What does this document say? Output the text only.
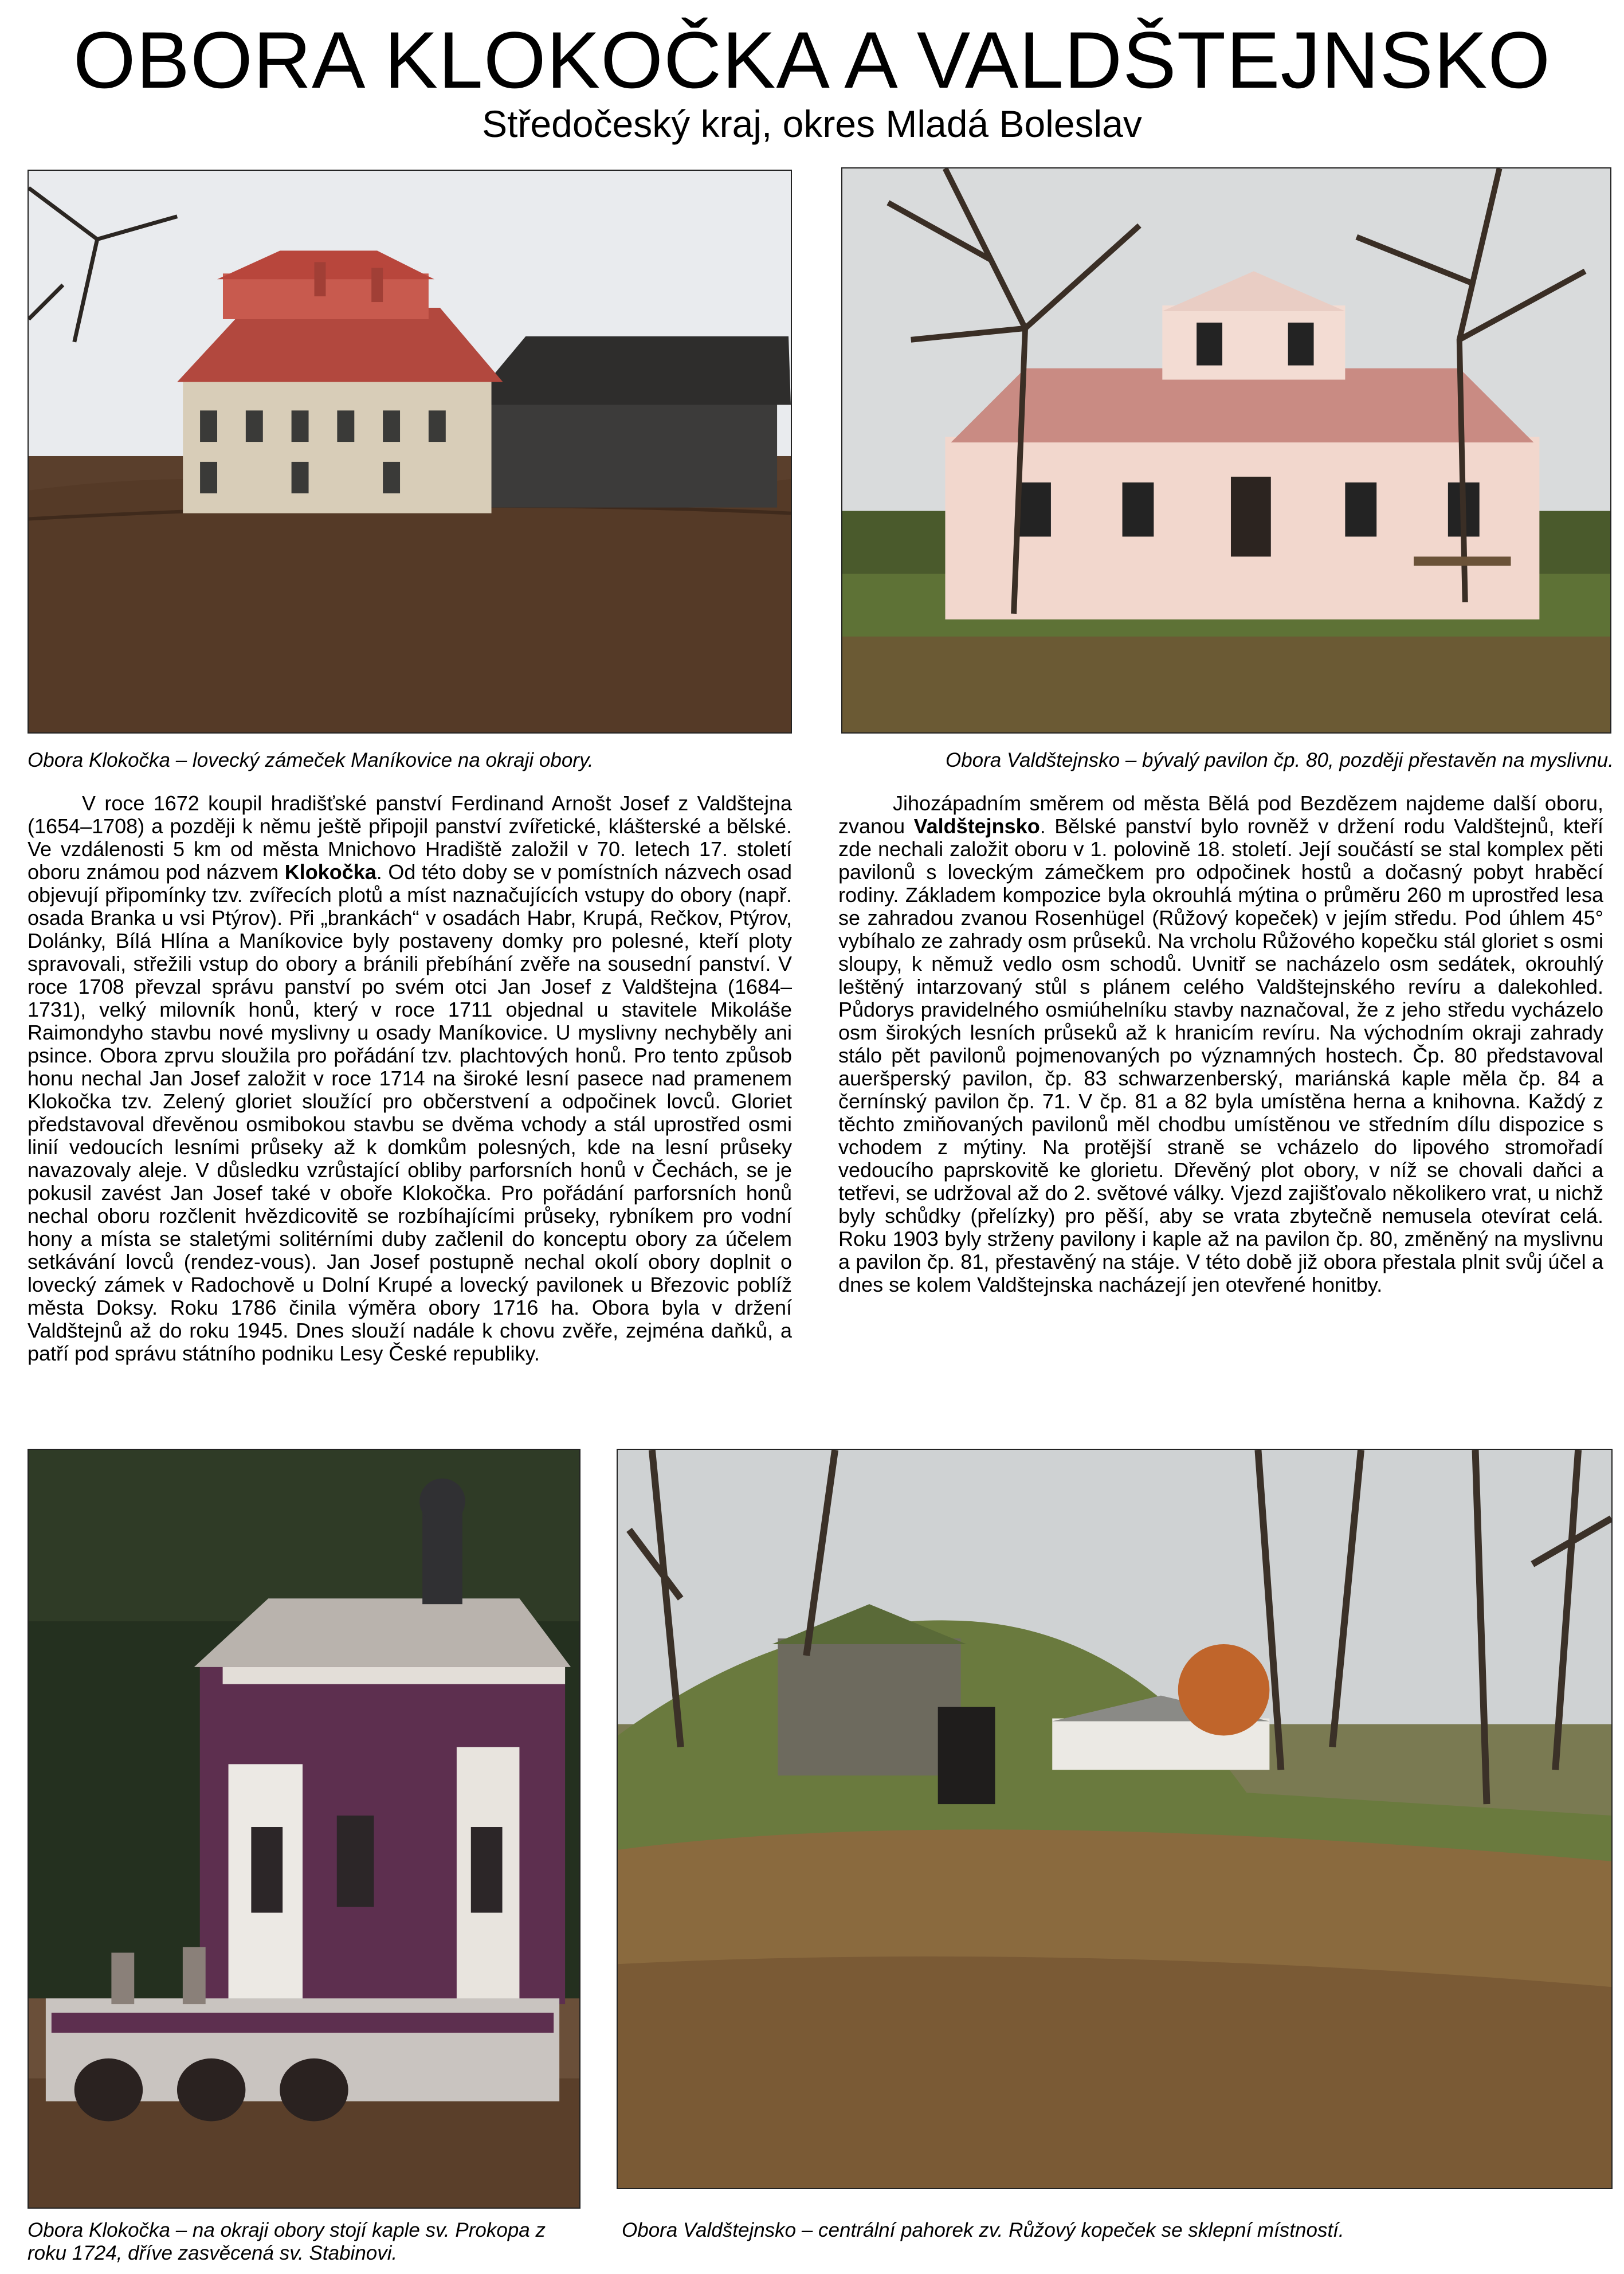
OBORA KLOKOČKA A VALDŠTEJNSKO
Středočeský kraj, okres Mladá Boleslav
Obora Klokočka – lovecký zámeček Maníkovice na okraji obory.	Obora Valdštejnsko – bývalý pavilon čp. 80, později přestavěn na myslivnu.

V roce 1672 koupil hradišťské panství Ferdinand Arnošt Josef z Valdštejna (1654–1708) a později k němu ještě připojil panství zvířetické, klášterské a bělské. Ve vzdálenosti 5 km od města Mnichovo Hradiště založil v 70. letech 17. století oboru známou pod názvem Klokočka. Od této doby se v pomístních názvech osad objevují připomínky tzv. zvířecích plotů a míst naznačujících vstupy do obory (např. osada Branka u vsi Ptýrov). Při „brankách“ v osadách Habr, Krupá, Rečkov, Ptýrov, Dolánky, Bílá Hlína a Maníkovice byly postaveny domky pro polesné, kteří ploty spravovali, střežili vstup do obory a bránili přebíhání zvěře na sousední panství. V roce 1708 převzal správu panství po svém otci Jan Josef z Valdštejna (1684–1731), velký milovník honů, který v roce 1711 objednal u stavitele Mikoláše Raimondyho stavbu nové myslivny u osady Maníkovice. U myslivny nechyběly ani psince. Obora zprvu sloužila pro pořádání tzv. plachtových honů. Pro tento způsob honu nechal Jan Josef založit v roce 1714 na široké lesní pasece nad pramenem Klokočka tzv. Zelený gloriet sloužící pro občerstvení a odpočinek lovců. Gloriet představoval dřevěnou osmibokou stavbu se dvěma vchody a stál uprostřed osmi linií vedoucích lesními průseky až k domkům polesných, kde na lesní průseky navazovaly aleje. V důsledku vzrůstající obliby parforsních honů v Čechách, se je pokusil zavést Jan Josef také v oboře Klokočka. Pro pořádání parforsních honů nechal oboru rozčlenit hvězdicovitě se rozbíhajícími průseky, rybníkem pro vodní hony a místa se staletými solitérními duby začlenil do konceptu obory za účelem setkávání lovců (rendez-vous). Jan Josef postupně nechal okolí obory doplnit o lovecký zámek v Radochově u Dolní Krupé a lovecký pavilonek u Březovic poblíž města Doksy. Roku 1786 činila výměra obory 1716 ha. Obora byla v držení Valdštejnů až do roku 1945. Dnes slouží nadále k chovu zvěře, zejména daňků, a patří pod správu státního podniku Lesy České republiky.

Jihozápadním směrem od města Bělá pod Bezdězem najdeme další oboru, zvanou Valdštejnsko. Bělské panství bylo rovněž v držení rodu Valdštejnů, kteří zde nechali založit oboru v 1. polovině 18. století. Její součástí se stal komplex pěti pavilonů s loveckým zámečkem pro odpočinek hostů a dočasný pobyt hraběcí rodiny. Základem kompozice byla okrouhlá mýtina o průměru 260 m uprostřed lesa se zahradou zvanou Rosenhügel (Růžový kopeček) v jejím středu. Pod úhlem 45° vybíhalo ze zahrady osm průseků. Na vrcholu Růžového kopečku stál gloriet s osmi sloupy, k němuž vedlo osm schodů. Uvnitř se nacházelo osm sedátek, okrouhlý leštěný intarzovaný stůl s plánem celého Valdštejnského revíru a dalekohled. Půdorys pravidelného osmiúhelníku stavby naznačoval, že z jeho středu vycházelo osm širokých lesních průseků až k hranicím revíru. Na východním okraji zahrady stálo pět pavilonů pojmenovaných po významných hostech. Čp. 80 představoval aueršperský pavilon, čp. 83 schwarzenberský, mariánská kaple měla čp. 84 a černínský pavilon čp. 71. V čp. 81 a 82 byla umístěna herna a knihovna. Každý z těchto zmiňovaných pavilonů měl chodbu umístěnou ve středním dílu dispozice s vchodem z mýtiny. Na protější straně se vcházelo do lipového stromořadí vedoucího paprskovitě ke glorietu. Dřevěný plot obory, v níž se chovali daňci a tetřevi, se udržoval až do 2. světové války. Vjezd zajišťovalo několikero vrat, u nichž byly schůdky (přelízky) pro pěší, aby se vrata zbytečně nemusela otevírat celá. Roku 1903 byly strženy pavilony i kaple až na pavilon čp. 80, změněný na myslivnu a pavilon čp. 81, přestavěný na stáje. V této době již obora přestala plnit svůj účel a dnes se kolem Valdštejnska nacházejí jen otevřené honitby.

Obora Klokočka – na okraji obory stojí kaple sv. Prokopa z roku 1724, dříve zasvěcená sv. Stabinovi.
Obora Valdštejnsko – centrální pahorek zv. Růžový kopeček se sklepní místností.
